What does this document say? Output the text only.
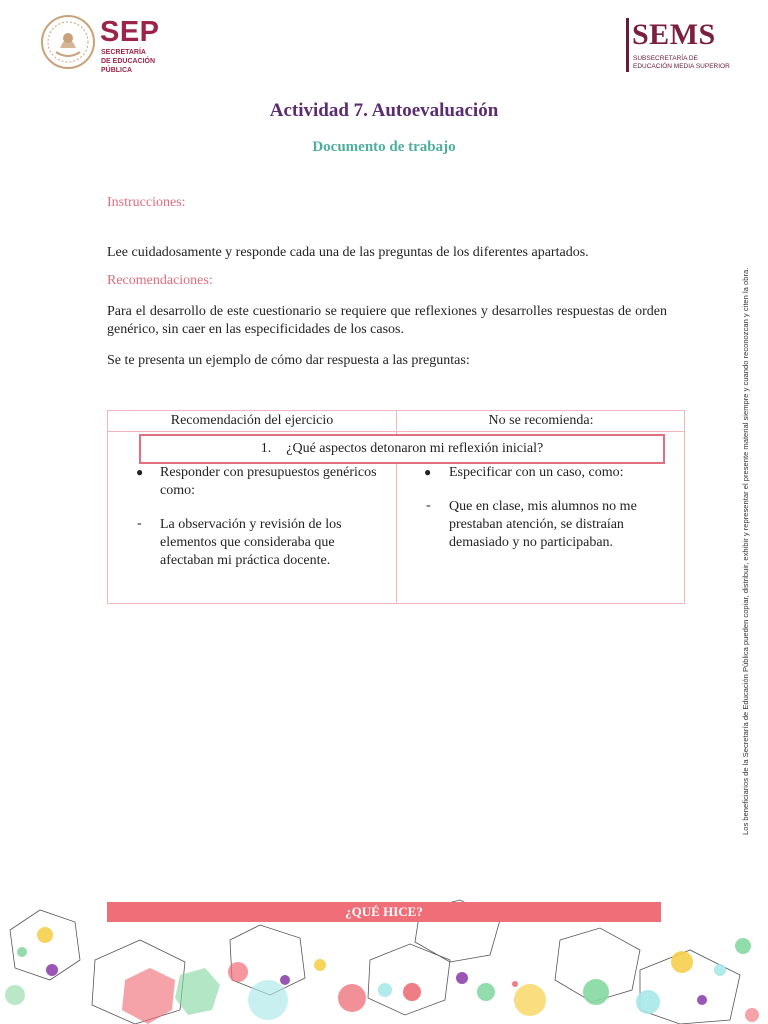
SEP
SECRETARÍA
DE EDUCACIÓN
PÚBLICA
SEMS
SUBSECRETARÍA DE
EDUCACIÓN MEDIA SUPERIOR
Actividad 7. Autoevaluación
Documento de trabajo
Instrucciones:
Lee cuidadosamente y responde cada una de las preguntas de los diferentes apartados.
Recomendaciones:
Para el desarrollo de este cuestionario se requiere que reflexiones y desarrolles respuestas de orden genérico, sin caer en las especificidades de los casos.
Se te presenta un ejemplo de cómo dar respuesta a las preguntas:
Recomendación del ejercicio	No se recomienda:
1. ¿Qué aspectos detonaron mi reflexión inicial?
● Responder con presupuestos genéricos como:
- La observación y revisión de los elementos que consideraba que afectaban mi práctica docente.
● Especificar con un caso, como:
- Que en clase, mis alumnos no me prestaban atención, se distraían demasiado y no participaban.	Los beneficiarios de la Secretaría de Educación Pública pueden copiar, distribuir, exhibir y representar el presente material siempre y cuando reconozcan y citen la obra.
¿QUÉ HICE?
